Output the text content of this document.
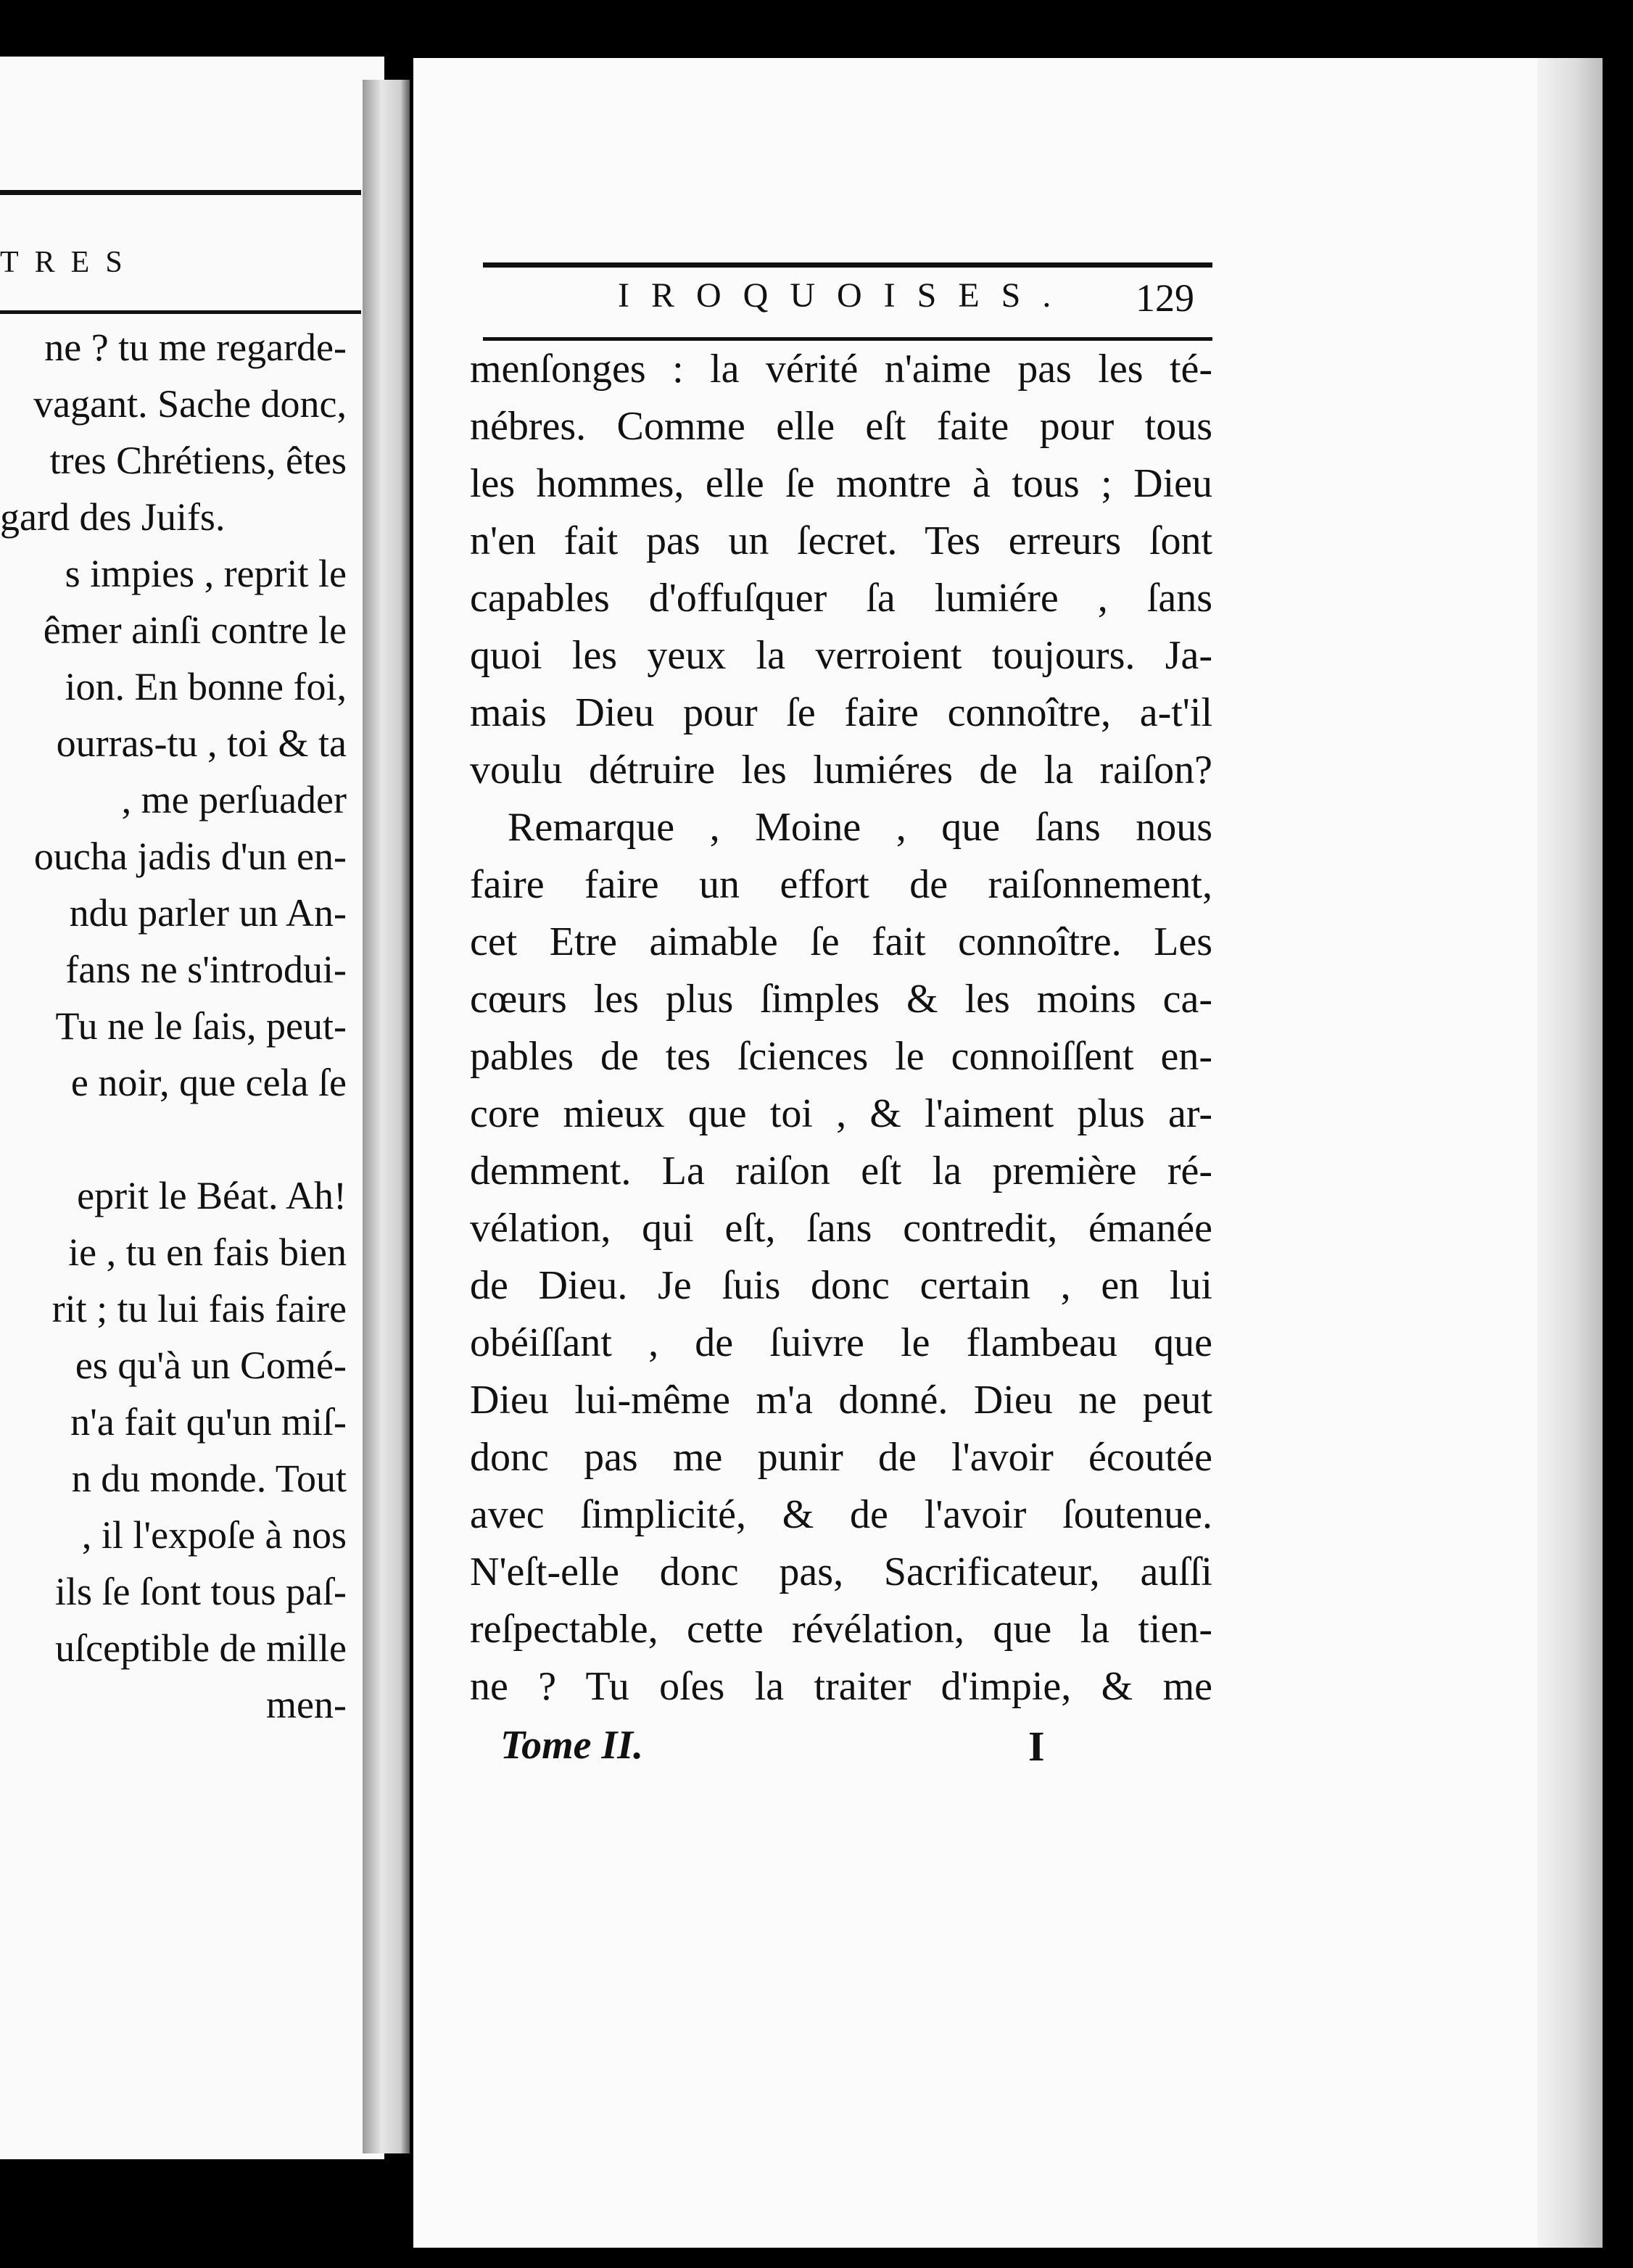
TRES
ne ? tu me regarde-
vagant. Sache donc,
tres Chrétiens, êtes
gard des Juifs.
s impies , reprit le
êmer ainſi contre le
ion. En bonne foi,
ourras-tu , toi & ta
, me perſuader
oucha jadis d'un en-
ndu parler un An-
fans ne s'introdui-
Tu ne le ſais, peut-
e noir, que cela ſe
eprit le Béat. Ah!
ie , tu en fais bien
rit ; tu lui fais faire
es qu'à un Comé-
n'a fait qu'un miſ-
n du monde. Tout
, il l'expoſe à nos
ils ſe ſont tous paſ-
uſceptible de mille
men-
IROQUOISES. 129
menſonges : la vérité n'aime pas les té-
nébres. Comme elle eſt faite pour tous
les hommes, elle ſe montre à tous ; Dieu
n'en fait pas un ſecret. Tes erreurs ſont
capables d'offuſquer ſa lumiére , ſans
quoi les yeux la verroient toujours. Ja-
mais Dieu pour ſe faire connoître, a-t'il
voulu détruire les lumiéres de la raiſon?
Remarque , Moine , que ſans nous
faire faire un effort de raiſonnement,
cet Etre aimable ſe fait connoître. Les
cœurs les plus ſimples & les moins ca-
pables de tes ſciences le connoiſſent en-
core mieux que toi , & l'aiment plus ar-
demment. La raiſon eſt la première ré-
vélation, qui eſt, ſans contredit, émanée
de Dieu. Je ſuis donc certain , en lui
obéiſſant , de ſuivre le flambeau que
Dieu lui-même m'a donné. Dieu ne peut
donc pas me punir de l'avoir écoutée
avec ſimplicité, & de l'avoir ſoutenue.
N'eſt-elle donc pas, Sacrificateur, auſſi
reſpectable, cette révélation, que la tien-
ne ? Tu oſes la traiter d'impie, & me
Tome II.	I
